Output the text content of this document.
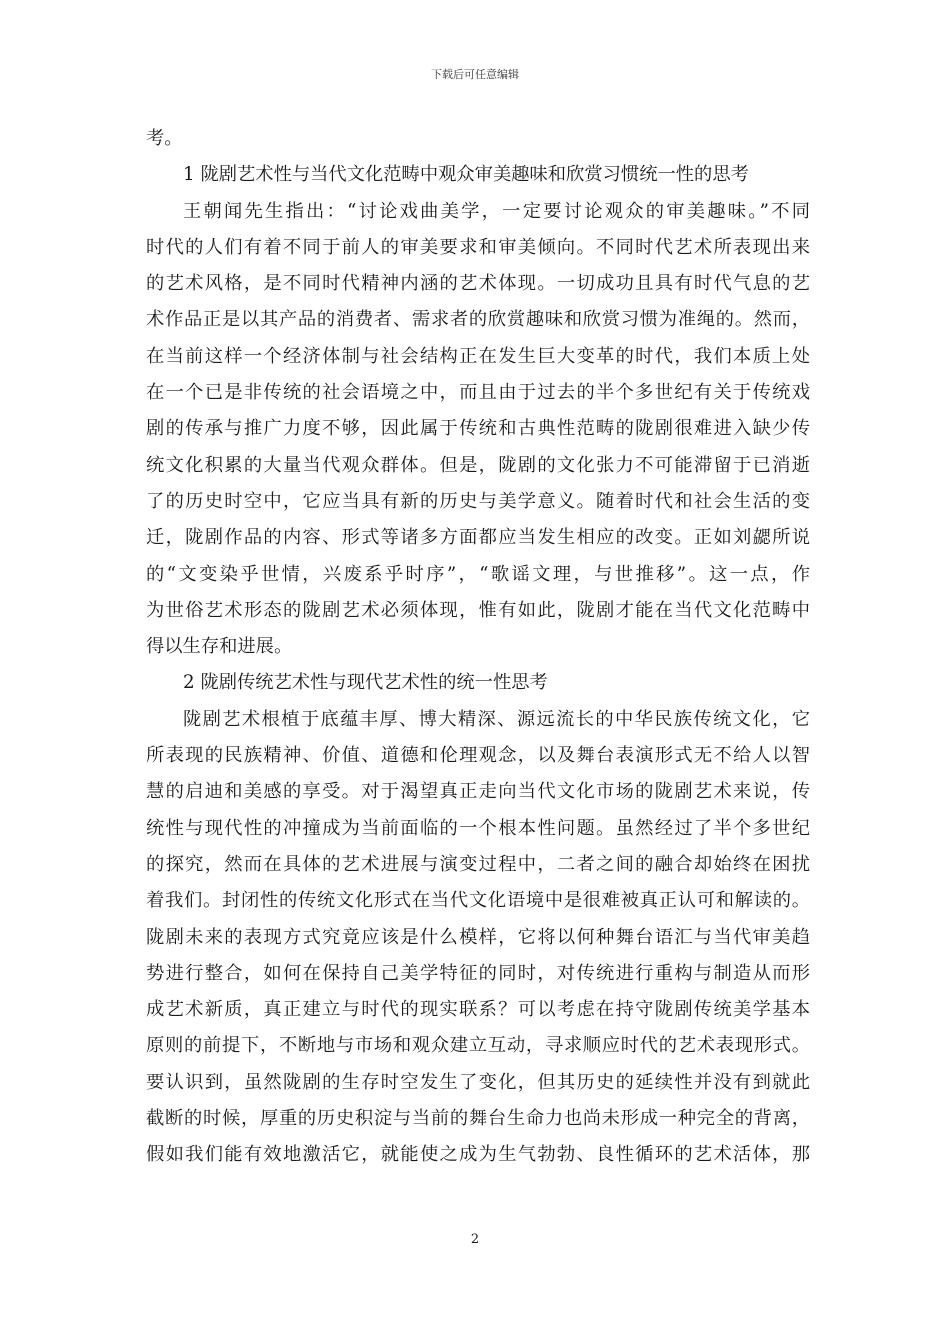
下载后可任意编辑
考。
1 陇剧艺术性与当代文化范畴中观众审美趣味和欣赏习惯统一性的思考
王朝闻先生指出：“讨论戏曲美学，一定要讨论观众的审美趣味。”不同
时代的人们有着不同于前人的审美要求和审美倾向。不同时代艺术所表现出来
的艺术风格，是不同时代精神内涵的艺术体现。一切成功且具有时代气息的艺
术作品正是以其产品的消费者、需求者的欣赏趣味和欣赏习惯为准绳的。然而，
在当前这样一个经济体制与社会结构正在发生巨大变革的时代，我们本质上处
在一个已是非传统的社会语境之中，而且由于过去的半个多世纪有关于传统戏
剧的传承与推广力度不够，因此属于传统和古典性范畴的陇剧很难进入缺少传
统文化积累的大量当代观众群体。但是，陇剧的文化张力不可能滞留于已消逝
了的历史时空中，它应当具有新的历史与美学意义。随着时代和社会生活的变
迁，陇剧作品的内容、形式等诸多方面都应当发生相应的改变。正如刘勰所说
的“文变染乎世情，兴废系乎时序”，“歌谣文理，与世推移”。这一点，作
为世俗艺术形态的陇剧艺术必须体现，惟有如此，陇剧才能在当代文化范畴中
得以生存和进展。
2 陇剧传统艺术性与现代艺术性的统一性思考
陇剧艺术根植于底蕴丰厚、博大精深、源远流长的中华民族传统文化，它
所表现的民族精神、价值、道德和伦理观念，以及舞台表演形式无不给人以智
慧的启迪和美感的享受。对于渴望真正走向当代文化市场的陇剧艺术来说，传
统性与现代性的冲撞成为当前面临的一个根本性问题。虽然经过了半个多世纪
的探究，然而在具体的艺术进展与演变过程中，二者之间的融合却始终在困扰
着我们。封闭性的传统文化形式在当代文化语境中是很难被真正认可和解读的。
陇剧未来的表现方式究竟应该是什么模样，它将以何种舞台语汇与当代审美趋
势进行整合，如何在保持自己美学特征的同时，对传统进行重构与制造从而形
成艺术新质，真正建立与时代的现实联系？可以考虑在持守陇剧传统美学基本
原则的前提下，不断地与市场和观众建立互动，寻求顺应时代的艺术表现形式。
要认识到，虽然陇剧的生存时空发生了变化，但其历史的延续性并没有到就此
截断的时候，厚重的历史积淀与当前的舞台生命力也尚未形成一种完全的背离，
假如我们能有效地激活它，就能使之成为生气勃勃、良性循环的艺术活体，那
2
